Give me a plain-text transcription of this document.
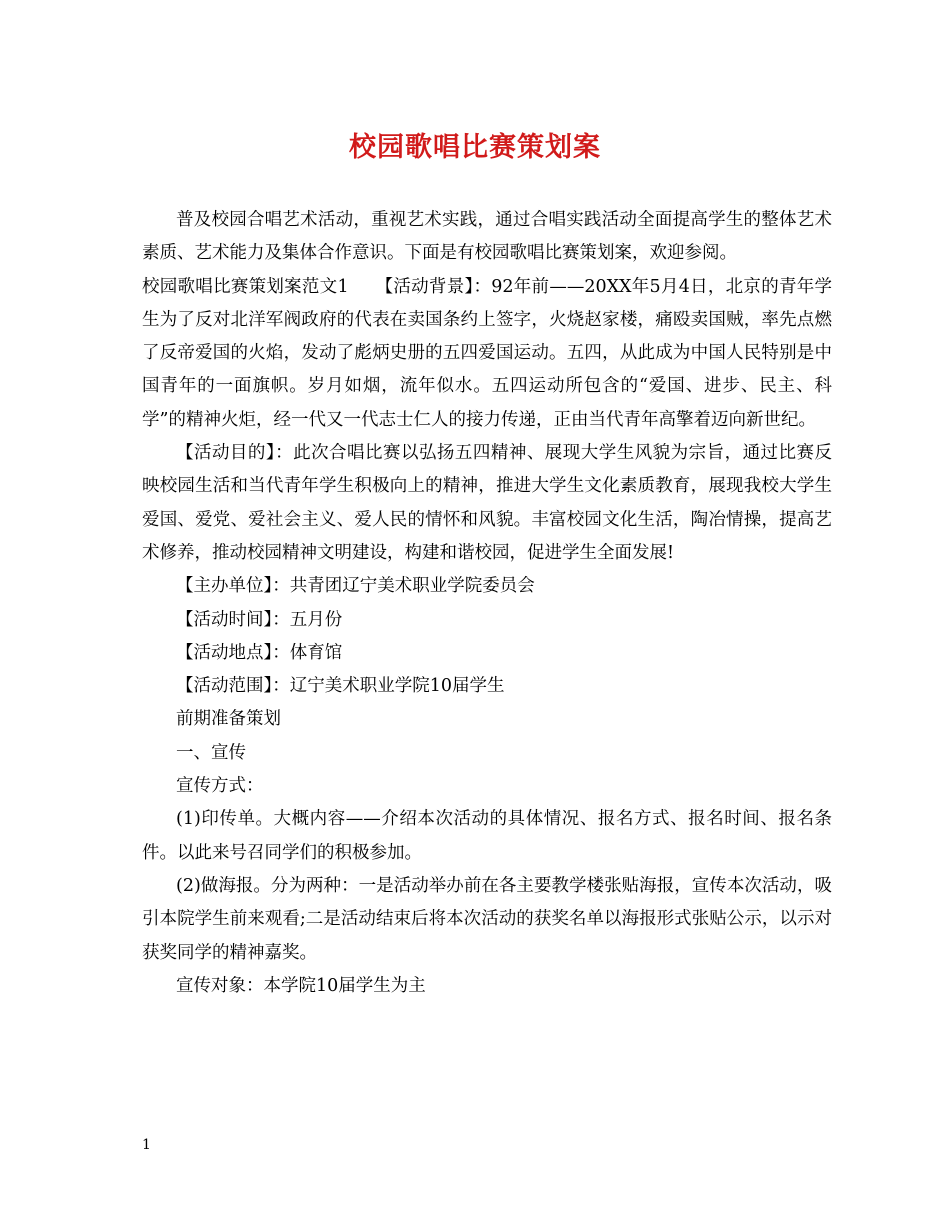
校园歌唱比赛策划案

普及校园合唱艺术活动，重视艺术实践，通过合唱实践活动全面提高学生的整体艺术素质、艺术能力及集体合作意识。下面是有校园歌唱比赛策划案，欢迎参阅。

校园歌唱比赛策划案范文1　　【活动背景】：92年前——20XX年5月4日，北京的青年学生为了反对北洋军阀政府的代表在卖国条约上签字，火烧赵家楼，痛殴卖国贼，率先点燃了反帝爱国的火焰，发动了彪炳史册的五四爱国运动。五四，从此成为中国人民特别是中国青年的一面旗帜。岁月如烟，流年似水。五四运动所包含的“爱国、进步、民主、科学”的精神火炬，经一代又一代志士仁人的接力传递，正由当代青年高擎着迈向新世纪。

【活动目的】：此次合唱比赛以弘扬五四精神、展现大学生风貌为宗旨，通过比赛反映校园生活和当代青年学生积极向上的精神，推进大学生文化素质教育，展现我校大学生爱国、爱党、爱社会主义、爱人民的情怀和风貌。丰富校园文化生活，陶冶情操，提高艺术修养，推动校园精神文明建设，构建和谐校园，促进学生全面发展!

【主办单位】：共青团辽宁美术职业学院委员会

【活动时间】：五月份

【活动地点】：体育馆

【活动范围】：辽宁美术职业学院10届学生

前期准备策划

一、宣传

宣传方式：

(1)印传单。大概内容——介绍本次活动的具体情况、报名方式、报名时间、报名条件。以此来号召同学们的积极参加。

(2)做海报。分为两种：一是活动举办前在各主要教学楼张贴海报，宣传本次活动，吸引本院学生前来观看;二是活动结束后将本次活动的获奖名单以海报形式张贴公示，以示对获奖同学的精神嘉奖。

宣传对象：本学院10届学生为主

1
